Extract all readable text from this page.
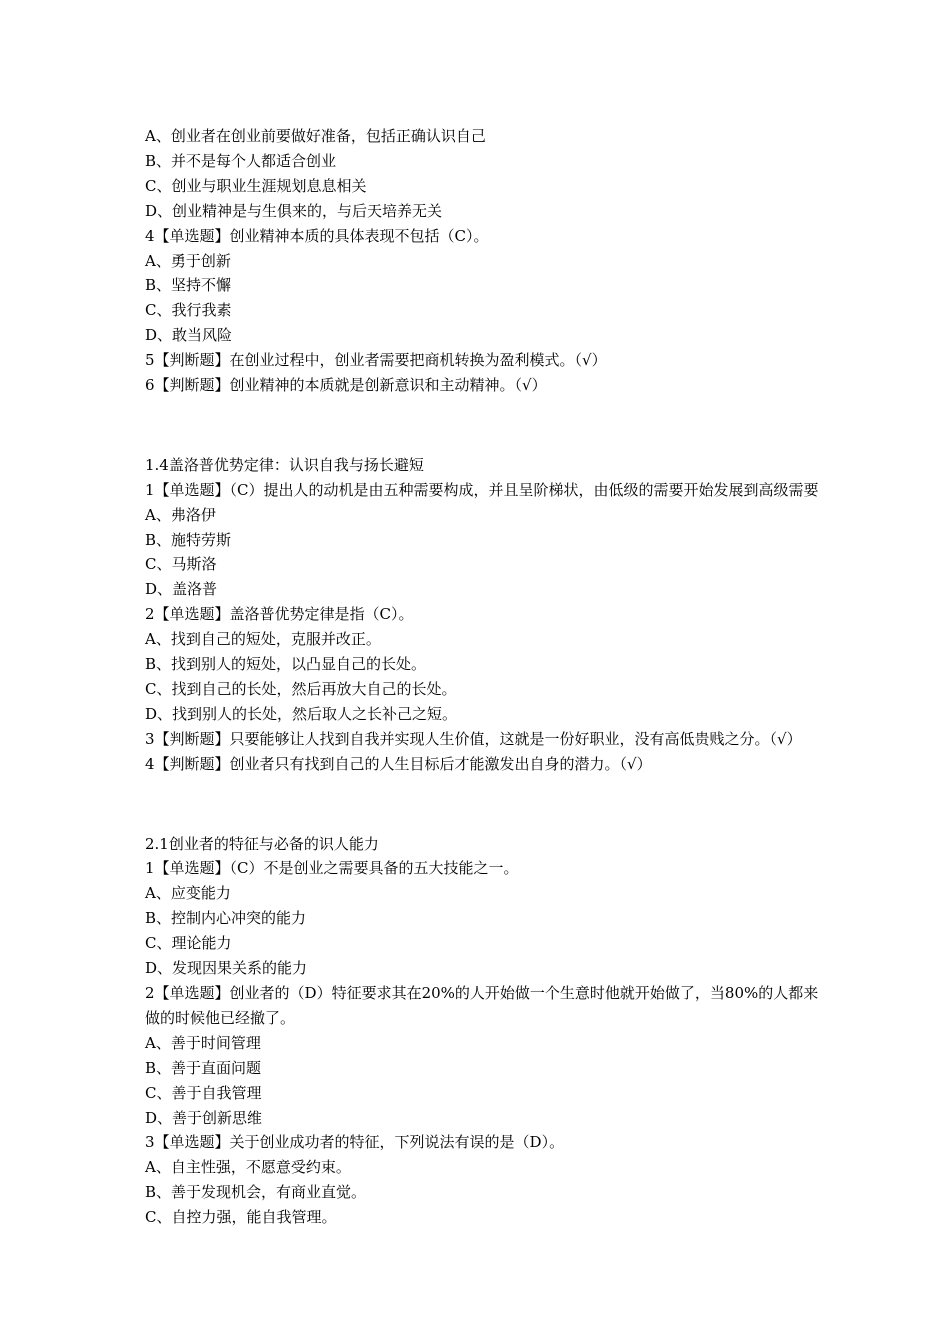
A、创业者在创业前要做好准备，包括正确认识自己

B、并不是每个人都适合创业

C、创业与职业生涯规划息息相关

D、创业精神是与生俱来的，与后天培养无关

4【单选题】创业精神本质的具体表现不包括（C）。

A、勇于创新

B、坚持不懈

C、我行我素

D、敢当风险

5【判断题】在创业过程中，创业者需要把商机转换为盈利模式。（√）

6【判断题】创业精神的本质就是创新意识和主动精神。（√）

1.4盖洛普优势定律：认识自我与扬长避短

1【单选题】（C）提出人的动机是由五种需要构成，并且呈阶梯状，由低级的需要开始发展到高级需要

A、弗洛伊

B、施特劳斯

C、马斯洛

D、盖洛普

2【单选题】盖洛普优势定律是指（C）。

A、找到自己的短处，克服并改正。

B、找到别人的短处，以凸显自己的长处。

C、找到自己的长处，然后再放大自己的长处。

D、找到别人的长处，然后取人之长补己之短。

3【判断题】只要能够让人找到自我并实现人生价值，这就是一份好职业，没有高低贵贱之分。（√）

4【判断题】创业者只有找到自己的人生目标后才能激发出自身的潜力。（√）

2.1创业者的特征与必备的识人能力

1【单选题】（C）不是创业之需要具备的五大技能之一。

A、应变能力

B、控制内心冲突的能力

C、理论能力

D、发现因果关系的能力

2【单选题】创业者的（D）特征要求其在20%的人开始做一个生意时他就开始做了，当80%的人都来做的时候他已经撤了。

A、善于时间管理

B、善于直面问题

C、善于自我管理

D、善于创新思维

3【单选题】关于创业成功者的特征，下列说法有误的是（D）。

A、自主性强，不愿意受约束。

B、善于发现机会，有商业直觉。

C、自控力强，能自我管理。
